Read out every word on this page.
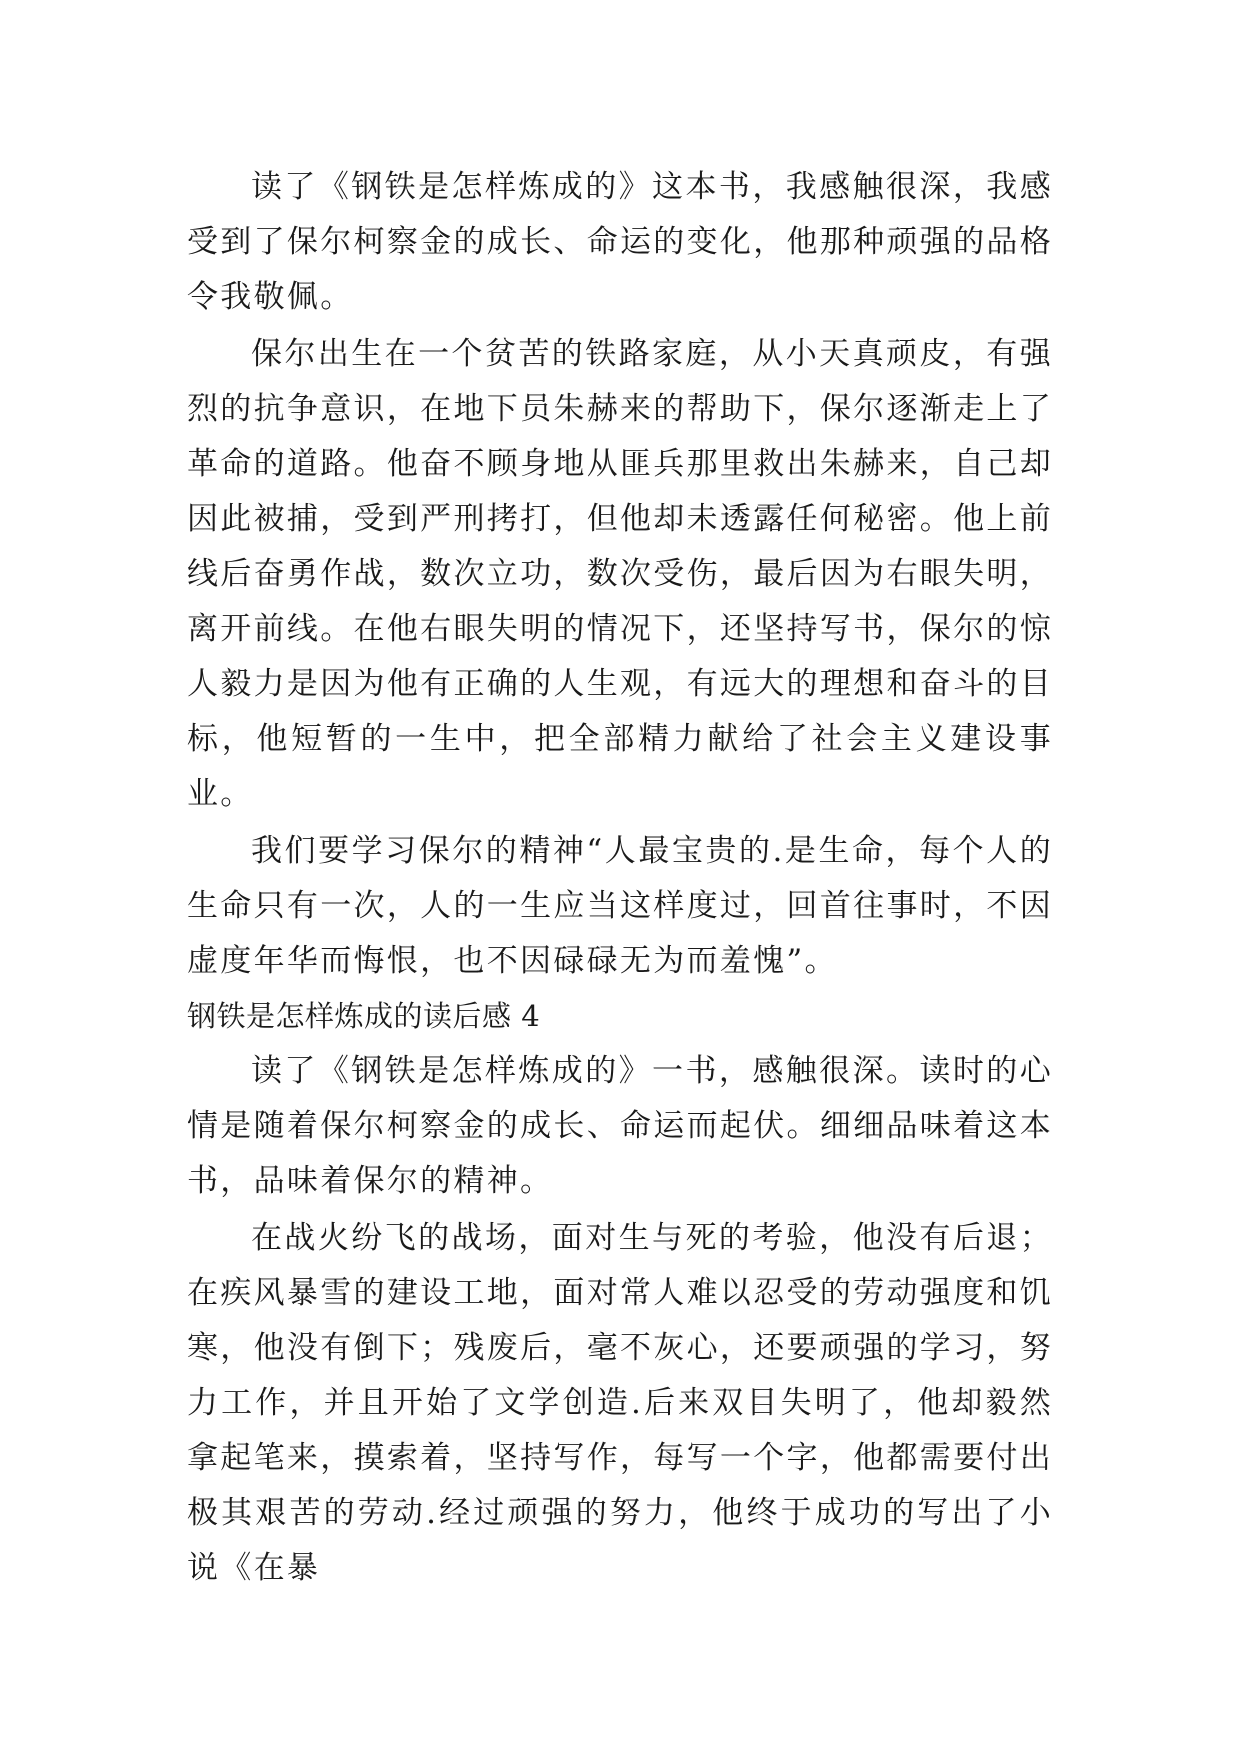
读了《钢铁是怎样炼成的》这本书，我感触很深，我感受到了保尔柯察金的成长、命运的变化，他那种顽强的品格令我敬佩。

保尔出生在一个贫苦的铁路家庭，从小天真顽皮，有强烈的抗争意识，在地下员朱赫来的帮助下，保尔逐渐走上了革命的道路。他奋不顾身地从匪兵那里救出朱赫来，自己却因此被捕，受到严刑拷打，但他却未透露任何秘密。他上前线后奋勇作战，数次立功，数次受伤，最后因为右眼失明，离开前线。在他右眼失明的情况下，还坚持写书，保尔的惊人毅力是因为他有正确的人生观，有远大的理想和奋斗的目标，他短暂的一生中，把全部精力献给了社会主义建设事业。

我们要学习保尔的精神“人最宝贵的.是生命，每个人的生命只有一次，人的一生应当这样度过，回首往事时，不因虚度年华而悔恨，也不因碌碌无为而羞愧”。

钢铁是怎样炼成的读后感 4

读了《钢铁是怎样炼成的》一书，感触很深。读时的心情是随着保尔柯察金的成长、命运而起伏。细细品味着这本书，品味着保尔的精神。

在战火纷飞的战场，面对生与死的考验，他没有后退；在疾风暴雪的建设工地，面对常人难以忍受的劳动强度和饥寒，他没有倒下；残废后，毫不灰心，还要顽强的学习，努力工作，并且开始了文学创造.后来双目失明了，他却毅然拿起笔来，摸索着，坚持写作，每写一个字，他都需要付出极其艰苦的劳动.经过顽强的努力，他终于成功的写出了小说《在暴
